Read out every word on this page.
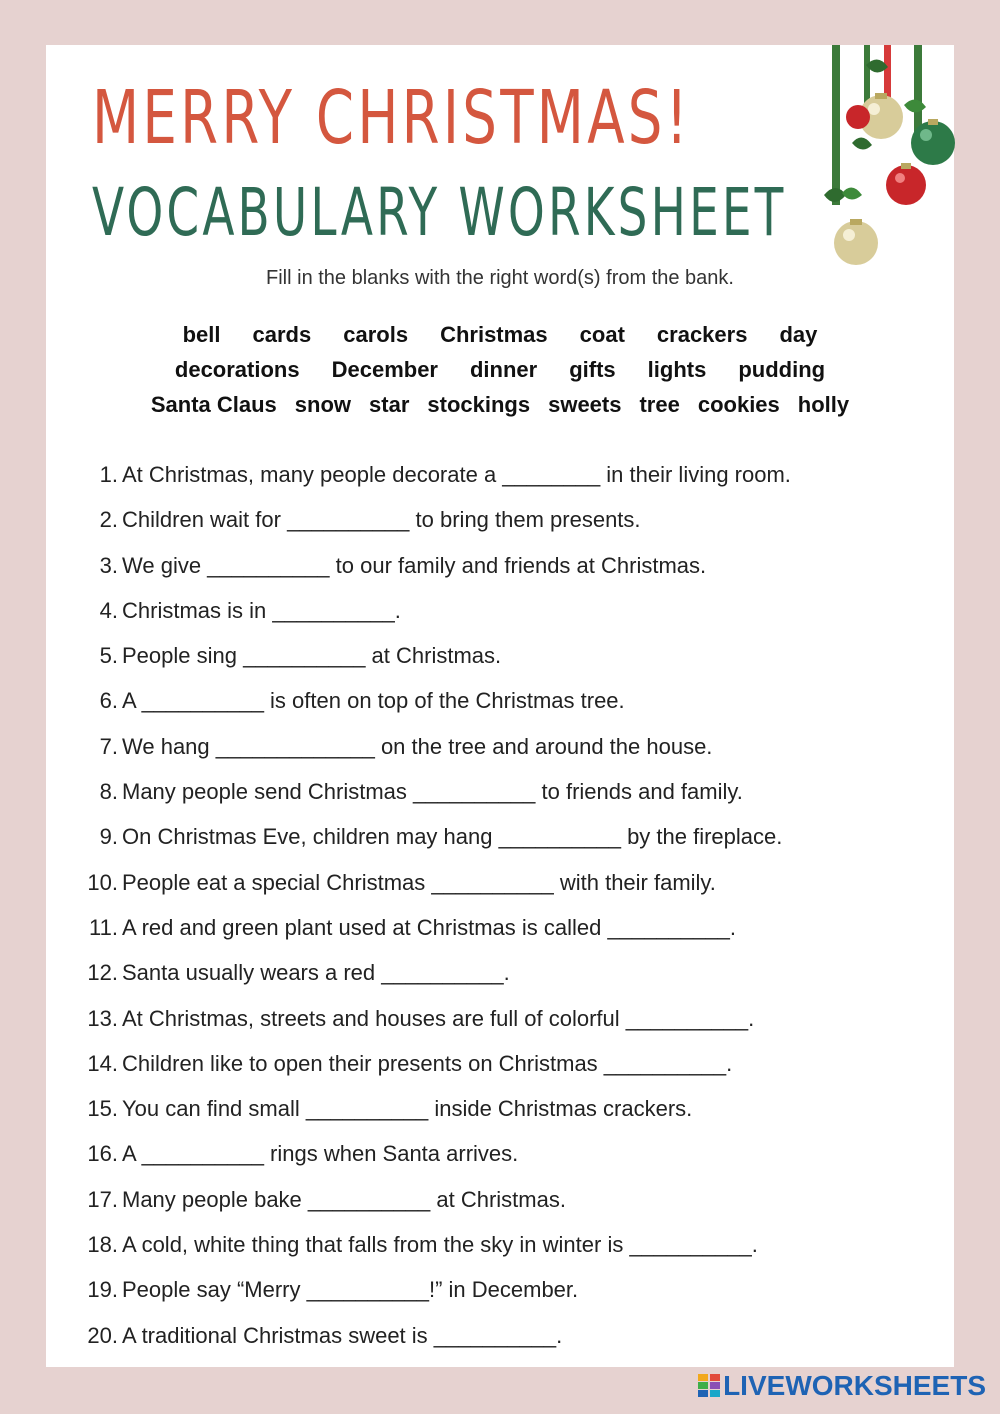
MERRY CHRISTMAS!
VOCABULARY WORKSHEET
Fill in the blanks with the right word(s) from the bank.
bell cards carols Christmas coat crackers day
decorations December dinner gifts lights pudding
Santa Claus snow star stockings sweets tree cookies holly
1. At Christmas, many people decorate a ________ in their living room.
2. Children wait for __________ to bring them presents.
3. We give __________ to our family and friends at Christmas.
4. Christmas is in __________.
5. People sing __________ at Christmas.
6. A __________ is often on top of the Christmas tree.
7. We hang _____________ on the tree and around the house.
8. Many people send Christmas __________ to friends and family.
9. On Christmas Eve, children may hang __________ by the fireplace.
10. People eat a special Christmas __________ with their family.
11. A red and green plant used at Christmas is called __________.
12. Santa usually wears a red __________.
13. At Christmas, streets and houses are full of colorful __________.
14. Children like to open their presents on Christmas __________.
15. You can find small __________ inside Christmas crackers.
16. A __________ rings when Santa arrives.
17. Many people bake __________ at Christmas.
18. A cold, white thing that falls from the sky in winter is __________.
19. People say “Merry __________!” in December.
20. A traditional Christmas sweet is __________.
LIVEWORKSHEETS
